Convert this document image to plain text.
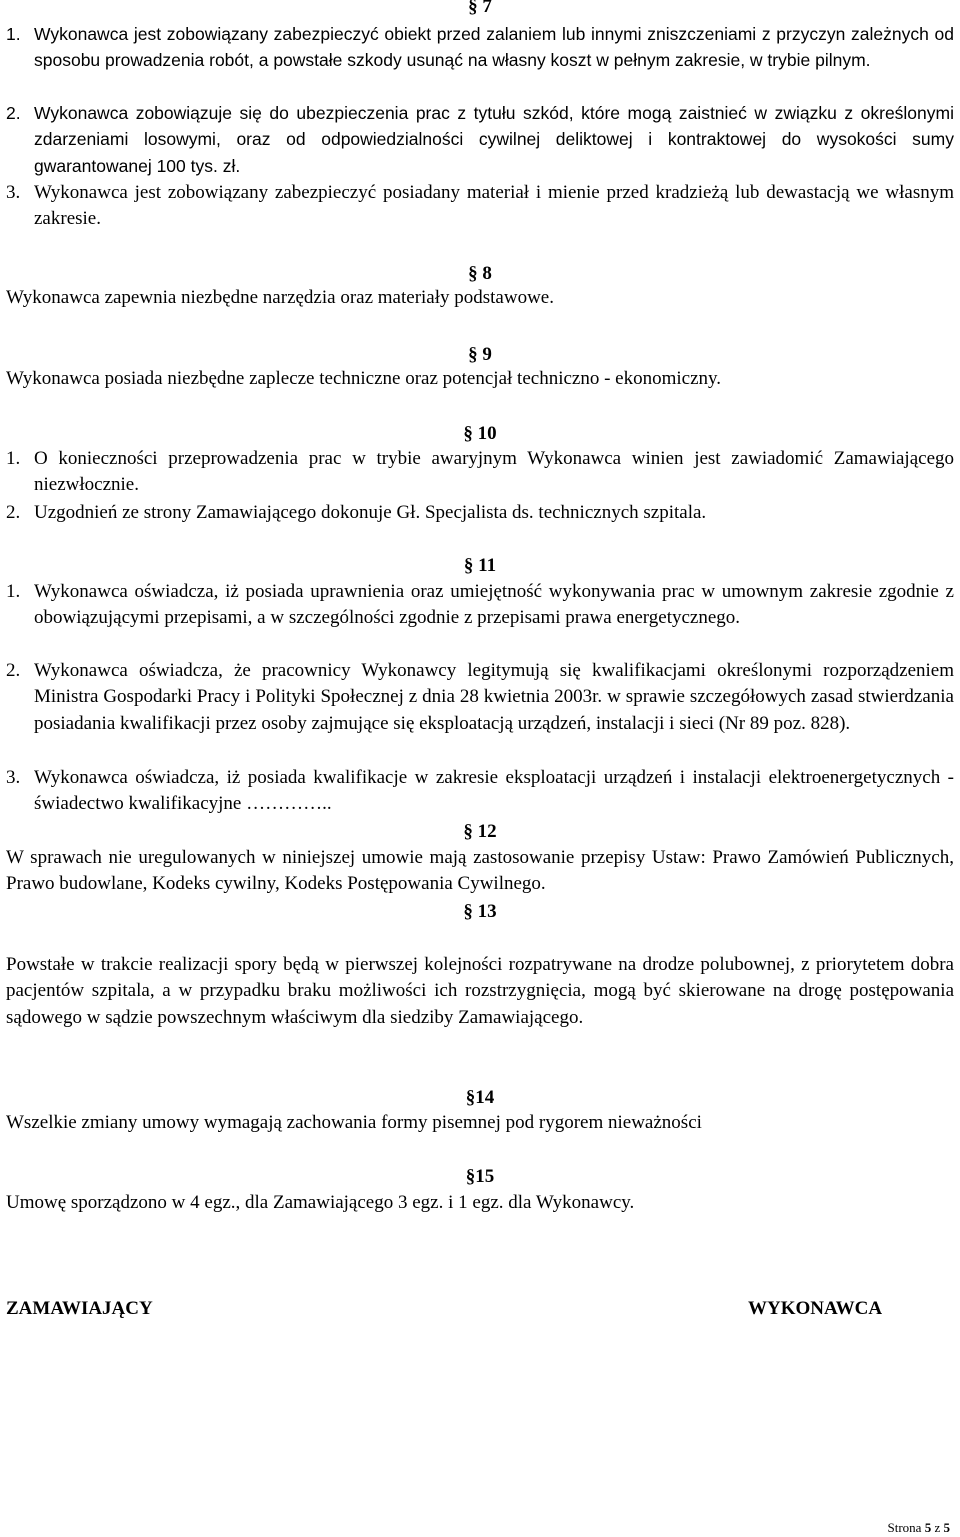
§ 7
1. Wykonawca jest zobowiązany zabezpieczyć obiekt przed zalaniem lub innymi zniszczeniami z przyczyn zależnych od sposobu prowadzenia robót, a powstałe szkody usunąć na własny koszt w pełnym zakresie, w trybie pilnym.
2. Wykonawca zobowiązuje się do ubezpieczenia prac z tytułu szkód, które mogą zaistnieć w związku z określonymi zdarzeniami losowymi, oraz od odpowiedzialności cywilnej deliktowej i kontraktowej do wysokości sumy gwarantowanej 100 tys. zł.
3. Wykonawca jest zobowiązany zabezpieczyć posiadany materiał i mienie przed kradzieżą lub dewastacją we własnym zakresie.
§ 8
Wykonawca zapewnia niezbędne narzędzia oraz materiały podstawowe.
§ 9
Wykonawca posiada niezbędne zaplecze techniczne oraz potencjał techniczno - ekonomiczny.
§ 10
1. O konieczności przeprowadzenia prac w trybie awaryjnym Wykonawca winien jest zawiadomić Zamawiającego niezwłocznie.
2. Uzgodnień ze strony Zamawiającego dokonuje Gł. Specjalista ds. technicznych szpitala.
§ 11
1. Wykonawca oświadcza, iż posiada uprawnienia oraz umiejętność wykonywania prac w umownym zakresie zgodnie z obowiązującymi przepisami, a w szczególności zgodnie z przepisami prawa energetycznego.
2. Wykonawca oświadcza, że pracownicy Wykonawcy legitymują się kwalifikacjami określonymi rozporządzeniem Ministra Gospodarki Pracy i Polityki Społecznej z dnia 28 kwietnia 2003r. w sprawie szczegółowych zasad stwierdzania posiadania kwalifikacji przez osoby zajmujące się eksploatacją urządzeń, instalacji i sieci (Nr 89 poz. 828).
3. Wykonawca oświadcza, iż posiada kwalifikacje w zakresie eksploatacji urządzeń i instalacji elektroenergetycznych - świadectwo kwalifikacyjne …………..
§ 12
W sprawach nie uregulowanych w niniejszej umowie mają zastosowanie przepisy Ustaw: Prawo Zamówień Publicznych, Prawo budowlane, Kodeks cywilny, Kodeks Postępowania Cywilnego.
§ 13
Powstałe w trakcie realizacji spory będą w pierwszej kolejności rozpatrywane na drodze polubownej, z priorytetem dobra pacjentów szpitala, a w przypadku braku możliwości ich rozstrzygnięcia, mogą być skierowane na drogę postępowania sądowego w sądzie powszechnym właściwym dla siedziby Zamawiającego.
§14
Wszelkie zmiany umowy wymagają zachowania formy pisemnej pod rygorem nieważności
§15
Umowę sporządzono w 4 egz., dla Zamawiającego 3 egz. i 1 egz. dla Wykonawcy.
ZAMAWIAJĄCY	WYKONAWCA
Strona 5 z 5
